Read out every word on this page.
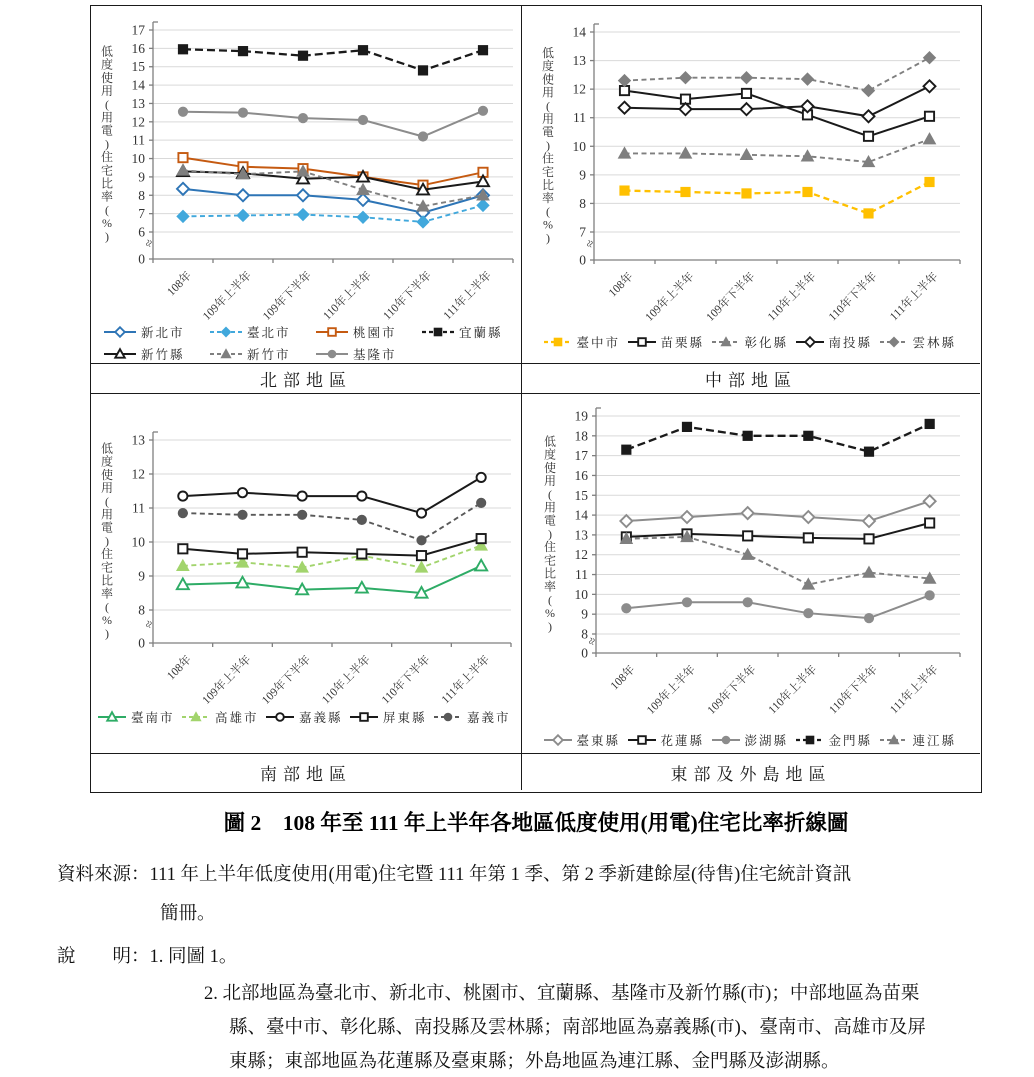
6
7
8
9
10
11
12
13
14
15
16
17
0
≈
108年 109年上半年 109年下半年 110年上半年 110年下半年 111年上半年
低
度
使
用
(
用
電
)
住
宅
比
率
(
%
)
新北市	臺北市	桃園市	宜蘭縣
新竹縣	新竹市	基隆市
7
8
9
10
11
12
13
14
0
≈
108年 109年上半年 109年下半年 110年上半年 110年下半年 111年上半年
低
度
使
用
(
用
電
)
住
宅
比
率
(
%
)
臺中市	苗栗縣	彰化縣	南投縣	雲林縣
北部地區	中部地區
8
9
10
11
12
13
0
≈
108年 109年上半年 109年下半年 110年上半年 110年下半年 111年上半年
低
度
使
用
(
用
電
)
住
宅
比
率
(
%
)
臺南市	高雄市	嘉義縣	屏東縣	嘉義市
8
9
10
11
12
13
14
15
16
17
18
19
0
≈
108年 109年上半年 109年下半年 110年上半年 110年下半年 111年上半年
低
度
使
用
(
用
電
)
住
宅
比
率
(
%
)
臺東縣	花蓮縣	澎湖縣	金門縣	連江縣
南部地區	東部及外島地區
圖 2　108 年至 111 年上半年各地區低度使用(用電)住宅比率折線圖
資料來源：111 年上半年低度使用(用電)住宅暨 111 年第 1 季、第 2 季新建餘屋(待售)住宅統計資訊
簡冊。
說　　明：1. 同圖 1。
2. 北部地區為臺北市、新北市、桃園市、宜蘭縣、基隆市及新竹縣(市)；中部地區為苗栗
縣、臺中市、彰化縣、南投縣及雲林縣；南部地區為嘉義縣(市)、臺南市、高雄市及屏
東縣；東部地區為花蓮縣及臺東縣；外島地區為連江縣、金門縣及澎湖縣。
